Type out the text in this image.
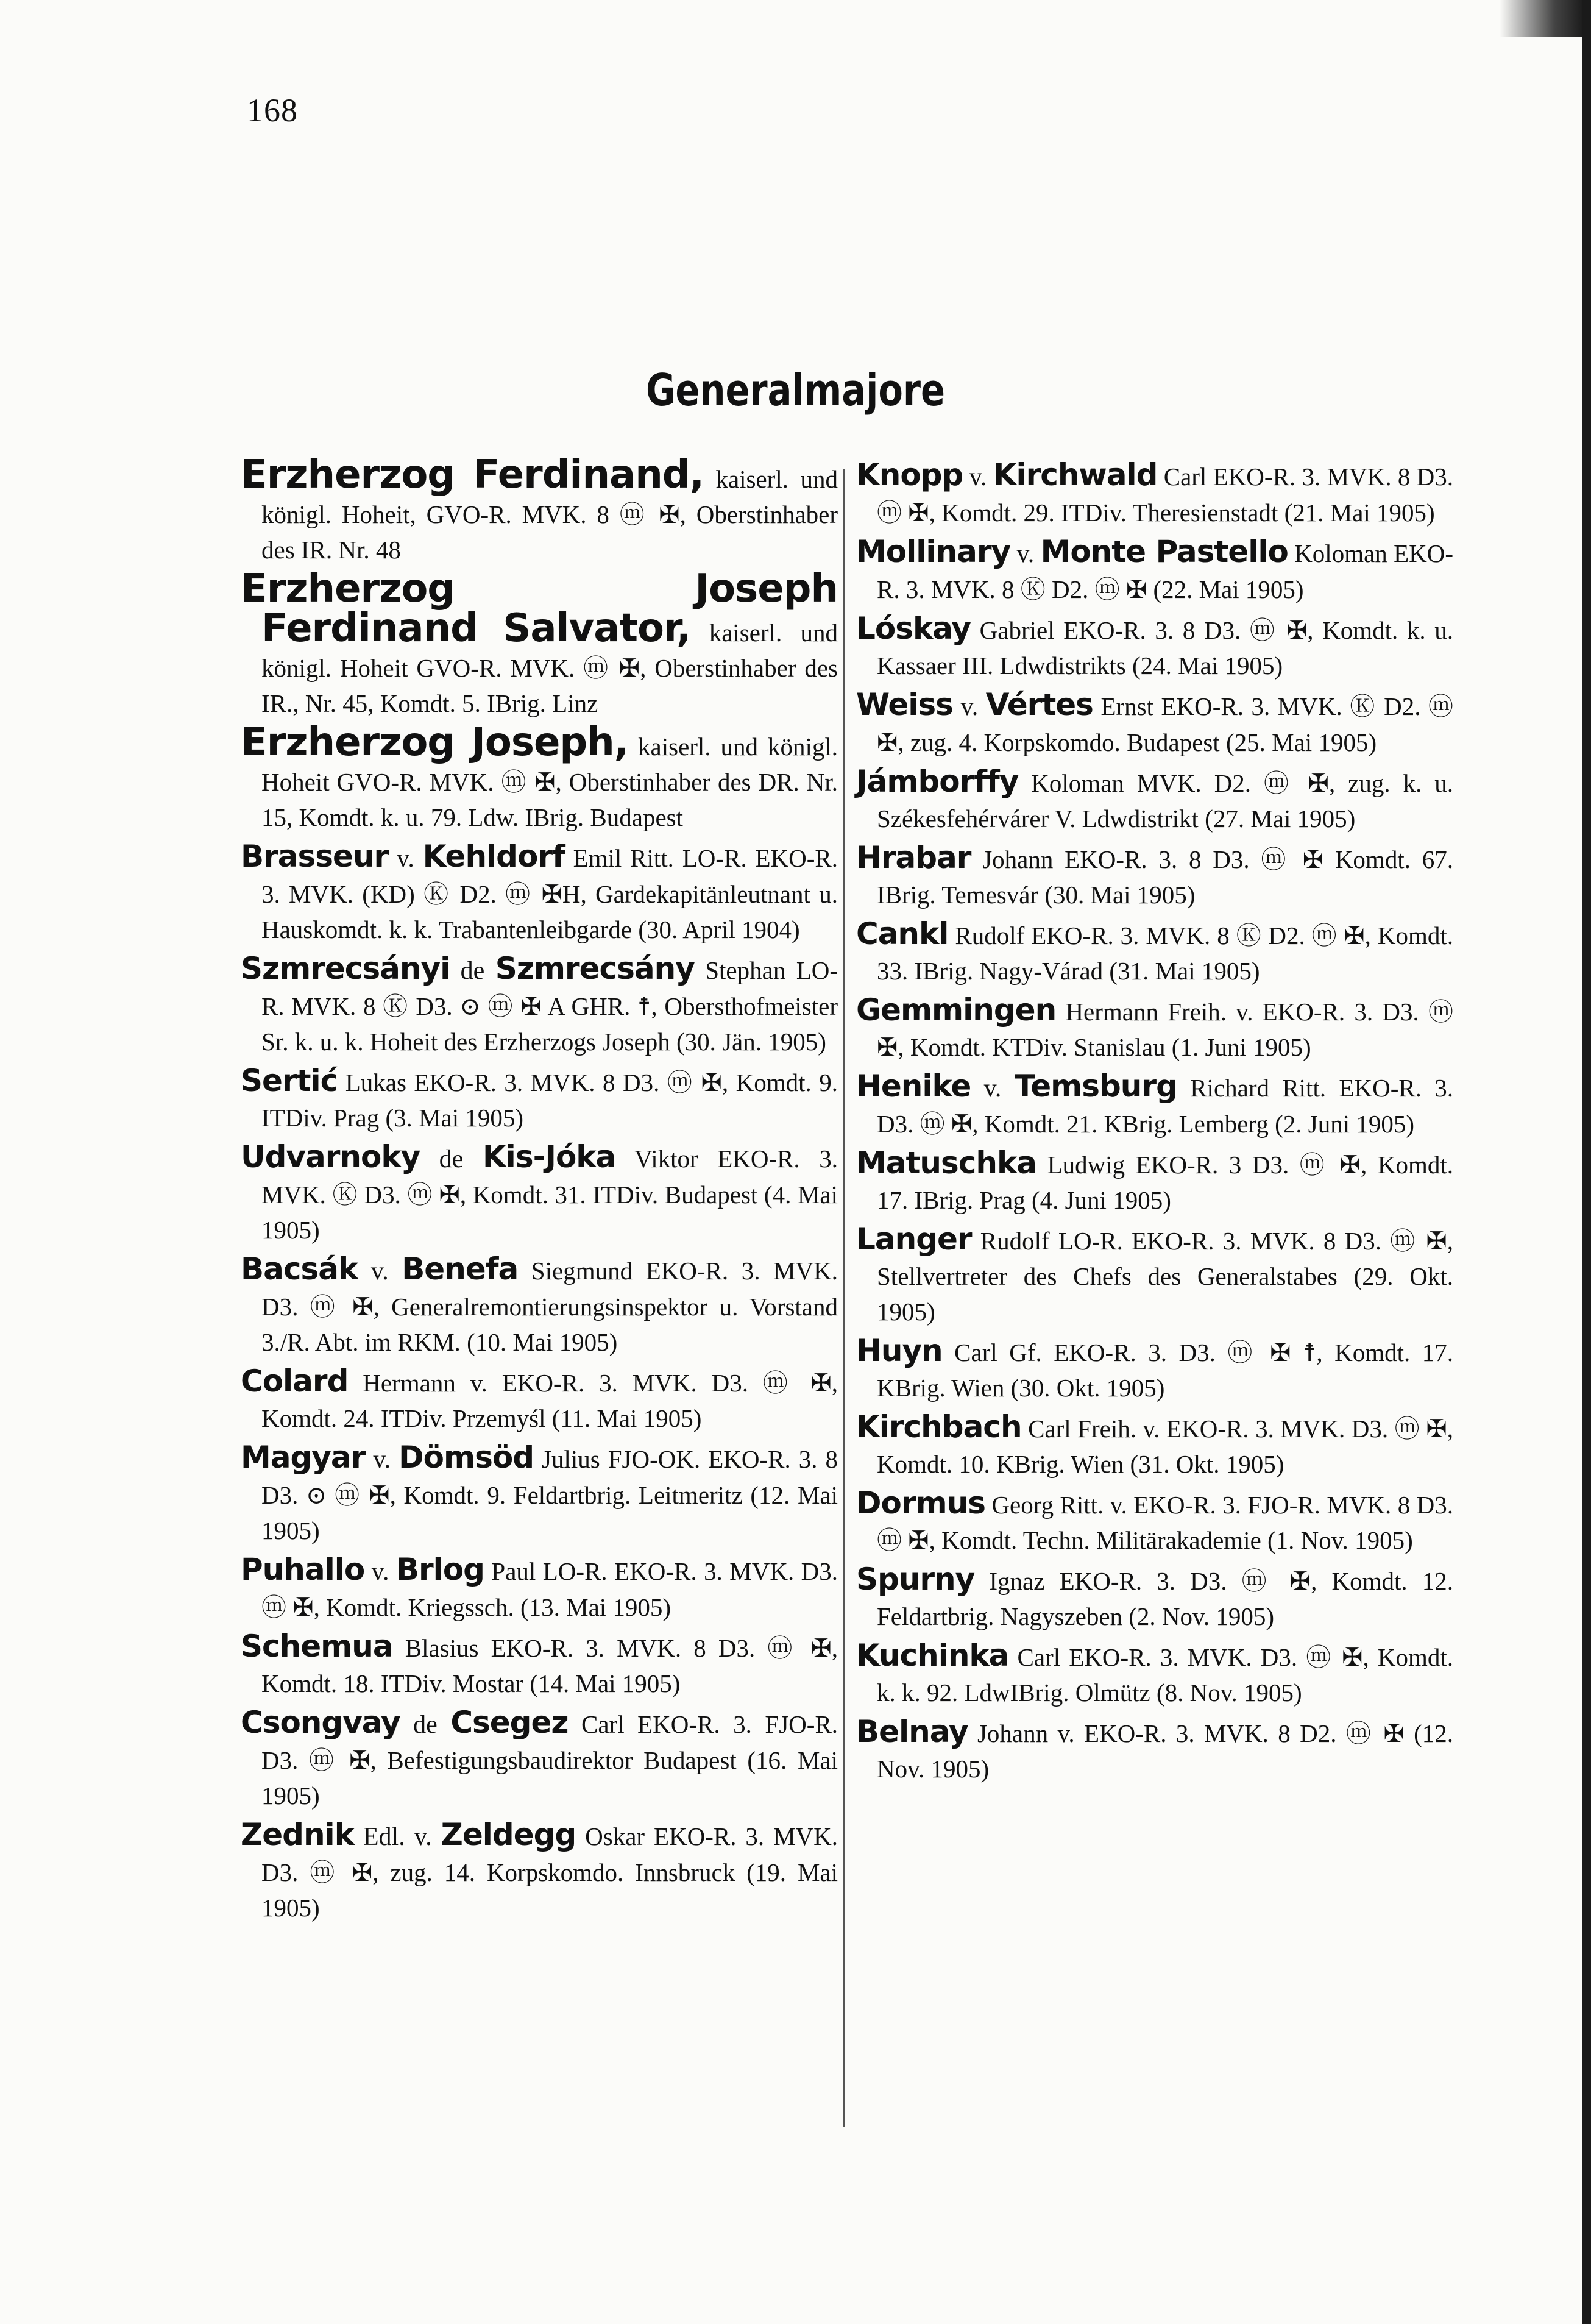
168
Generalmajore

Erzherzog Ferdinand, kaiserl. und königl. Hoheit, GVO-R. MVK. 8 ⓜ ✠, Oberstinhaber des IR. Nr. 48

Erzherzog Joseph Ferdinand Salvator, kaiserl. und königl. Hoheit GVO-R. MVK. ⓜ ✠, Oberstinhaber des IR., Nr. 45, Komdt. 5. IBrig. Linz

Erzherzog Joseph, kaiserl. und königl. Hoheit GVO-R. MVK. ⓜ ✠, Oberstinhaber des DR. Nr. 15, Komdt. k. u. 79. Ldw. IBrig. Budapest

Brasseur v. Kehldorf Emil Ritt. LO-R. EKO-R. 3. MVK. (KD) Ⓚ D2. ⓜ ✠H, Gardekapitänleutnant u. Hauskomdt. k. k. Trabantenleibgarde (30. April 1904)

Szmrecsányi de Szmrecsány Stephan LO-R. MVK. 8 Ⓚ D3. ⊙ ⓜ ✠ A GHR. ☨, Obersthofmeister Sr. k. u. k. Hoheit des Erzherzogs Joseph (30. Jän. 1905)

Sertić Lukas EKO-R. 3. MVK. 8 D3. ⓜ ✠, Komdt. 9. ITDiv. Prag (3. Mai 1905)

Udvarnoky de Kis-Jóka Viktor EKO-R. 3. MVK. Ⓚ D3. ⓜ ✠, Komdt. 31. ITDiv. Budapest (4. Mai 1905)

Bacsák v. Benefa Siegmund EKO-R. 3. MVK. D3. ⓜ ✠, Generalremontierungsinspektor u. Vorstand 3./R. Abt. im RKM. (10. Mai 1905)

Colard Hermann v. EKO-R. 3. MVK. D3. ⓜ ✠, Komdt. 24. ITDiv. Przemyśl (11. Mai 1905)

Magyar v. Dömsöd Julius FJO-OK. EKO-R. 3. 8 D3. ⊙ ⓜ ✠, Komdt. 9. Feldartbrig. Leitmeritz (12. Mai 1905)

Puhallo v. Brlog Paul LO-R. EKO-R. 3. MVK. D3. ⓜ ✠, Komdt. Kriegssch. (13. Mai 1905)

Schemua Blasius EKO-R. 3. MVK. 8 D3. ⓜ ✠, Komdt. 18. ITDiv. Mostar (14. Mai 1905)

Csongvay de Csegez Carl EKO-R. 3. FJO-R. D3. ⓜ ✠, Befestigungsbaudirektor Budapest (16. Mai 1905)

Zednik Edl. v. Zeldegg Oskar EKO-R. 3. MVK. D3. ⓜ ✠, zug. 14. Korpskomdo. Innsbruck (19. Mai 1905)

Knopp v. Kirchwald Carl EKO-R. 3. MVK. 8 D3. ⓜ ✠, Komdt. 29. ITDiv. Theresienstadt (21. Mai 1905)

Mollinary v. Monte Pastello Koloman EKO-R. 3. MVK. 8 Ⓚ D2. ⓜ ✠ (22. Mai 1905)

Lóskay Gabriel EKO-R. 3. 8 D3. ⓜ ✠, Komdt. k. u. Kassaer III. Ldwdistrikts (24. Mai 1905)

Weiss v. Vértes Ernst EKO-R. 3. MVK. Ⓚ D2. ⓜ ✠, zug. 4. Korpskomdo. Budapest (25. Mai 1905)

Jámborffy Koloman MVK. D2. ⓜ ✠, zug. k. u. Székesfehérvárer V. Ldwdistrikt (27. Mai 1905)

Hrabar Johann EKO-R. 3. 8 D3. ⓜ ✠ Komdt. 67. IBrig. Temesvár (30. Mai 1905)

Cankl Rudolf EKO-R. 3. MVK. 8 Ⓚ D2. ⓜ ✠, Komdt. 33. IBrig. Nagy-Várad (31. Mai 1905)

Gemmingen Hermann Freih. v. EKO-R. 3. D3. ⓜ ✠, Komdt. KTDiv. Stanislau (1. Juni 1905)

Henike v. Temsburg Richard Ritt. EKO-R. 3. D3. ⓜ ✠, Komdt. 21. KBrig. Lemberg (2. Juni 1905)

Matuschka Ludwig EKO-R. 3 D3. ⓜ ✠, Komdt. 17. IBrig. Prag (4. Juni 1905)

Langer Rudolf LO-R. EKO-R. 3. MVK. 8 D3. ⓜ ✠, Stellvertreter des Chefs des Generalstabes (29. Okt. 1905)

Huyn Carl Gf. EKO-R. 3. D3. ⓜ ✠ ☨, Komdt. 17. KBrig. Wien (30. Okt. 1905)

Kirchbach Carl Freih. v. EKO-R. 3. MVK. D3. ⓜ ✠, Komdt. 10. KBrig. Wien (31. Okt. 1905)

Dormus Georg Ritt. v. EKO-R. 3. FJO-R. MVK. 8 D3. ⓜ ✠, Komdt. Techn. Militärakademie (1. Nov. 1905)

Spurny Ignaz EKO-R. 3. D3. ⓜ ✠, Komdt. 12. Feldartbrig. Nagyszeben (2. Nov. 1905)

Kuchinka Carl EKO-R. 3. MVK. D3. ⓜ ✠, Komdt. k. k. 92. LdwIBrig. Olmütz (8. Nov. 1905)

Belnay Johann v. EKO-R. 3. MVK. 8 D2. ⓜ ✠ (12. Nov. 1905)
